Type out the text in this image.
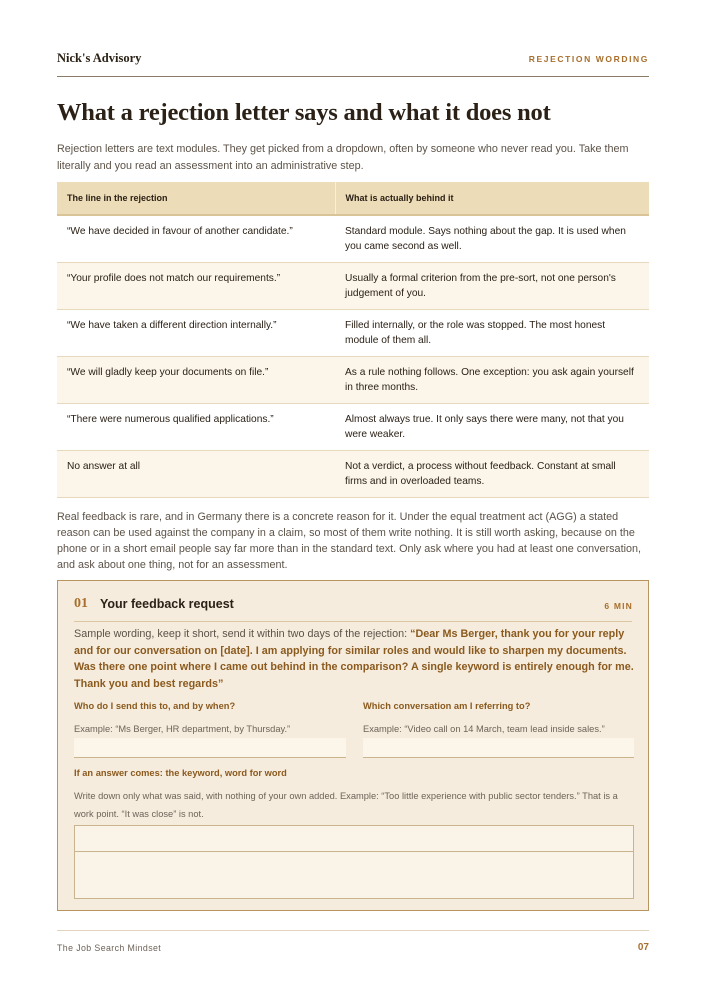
Nick's Advisory	REJECTION WORDING
What a rejection letter says and what it does not

Rejection letters are text modules. They get picked from a dropdown, often by someone who never read you. Take them literally and you read an assessment into an administrative step.

The line in the rejection	What is actually behind it
“We have decided in favour of another candidate.”	Standard module. Says nothing about the gap. It is used when you came second as well.
“Your profile does not match our requirements.”	Usually a formal criterion from the pre-sort, not one person's judgement of you.
“We have taken a different direction internally.”	Filled internally, or the role was stopped. The most honest module of them all.
“We will gladly keep your documents on file.”	As a rule nothing follows. One exception: you ask again yourself in three months.
“There were numerous qualified applications.”	Almost always true. It only says there were many, not that you were weaker.
No answer at all	Not a verdict, a process without feedback. Constant at small firms and in overloaded teams.

Real feedback is rare, and in Germany there is a concrete reason for it. Under the equal treatment act (AGG) a stated reason can be used against the company in a claim, so most of them write nothing. It is still worth asking, because on the phone or in a short email people say far more than in the standard text. Only ask where you had at least one conversation, and ask about one thing, not for an assessment.

01 Your feedback request	6 MIN

Sample wording, keep it short, send it within two days of the rejection: “Dear Ms Berger, thank you for your reply and for our conversation on [date]. I am applying for similar roles and would like to sharpen my documents. Was there one point where I came out behind in the comparison? A single keyword is entirely enough for me. Thank you and best regards”

Who do I send this to, and by when?
Example: “Ms Berger, HR department, by Thursday.”
Which conversation am I referring to?
Example: “Video call on 14 March, team lead inside sales.”
If an answer comes: the keyword, word for word
Write down only what was said, with nothing of your own added. Example: “Too little experience with public sector tenders.” That is a work point. “It was close” is not.
The Job Search Mindset	07
